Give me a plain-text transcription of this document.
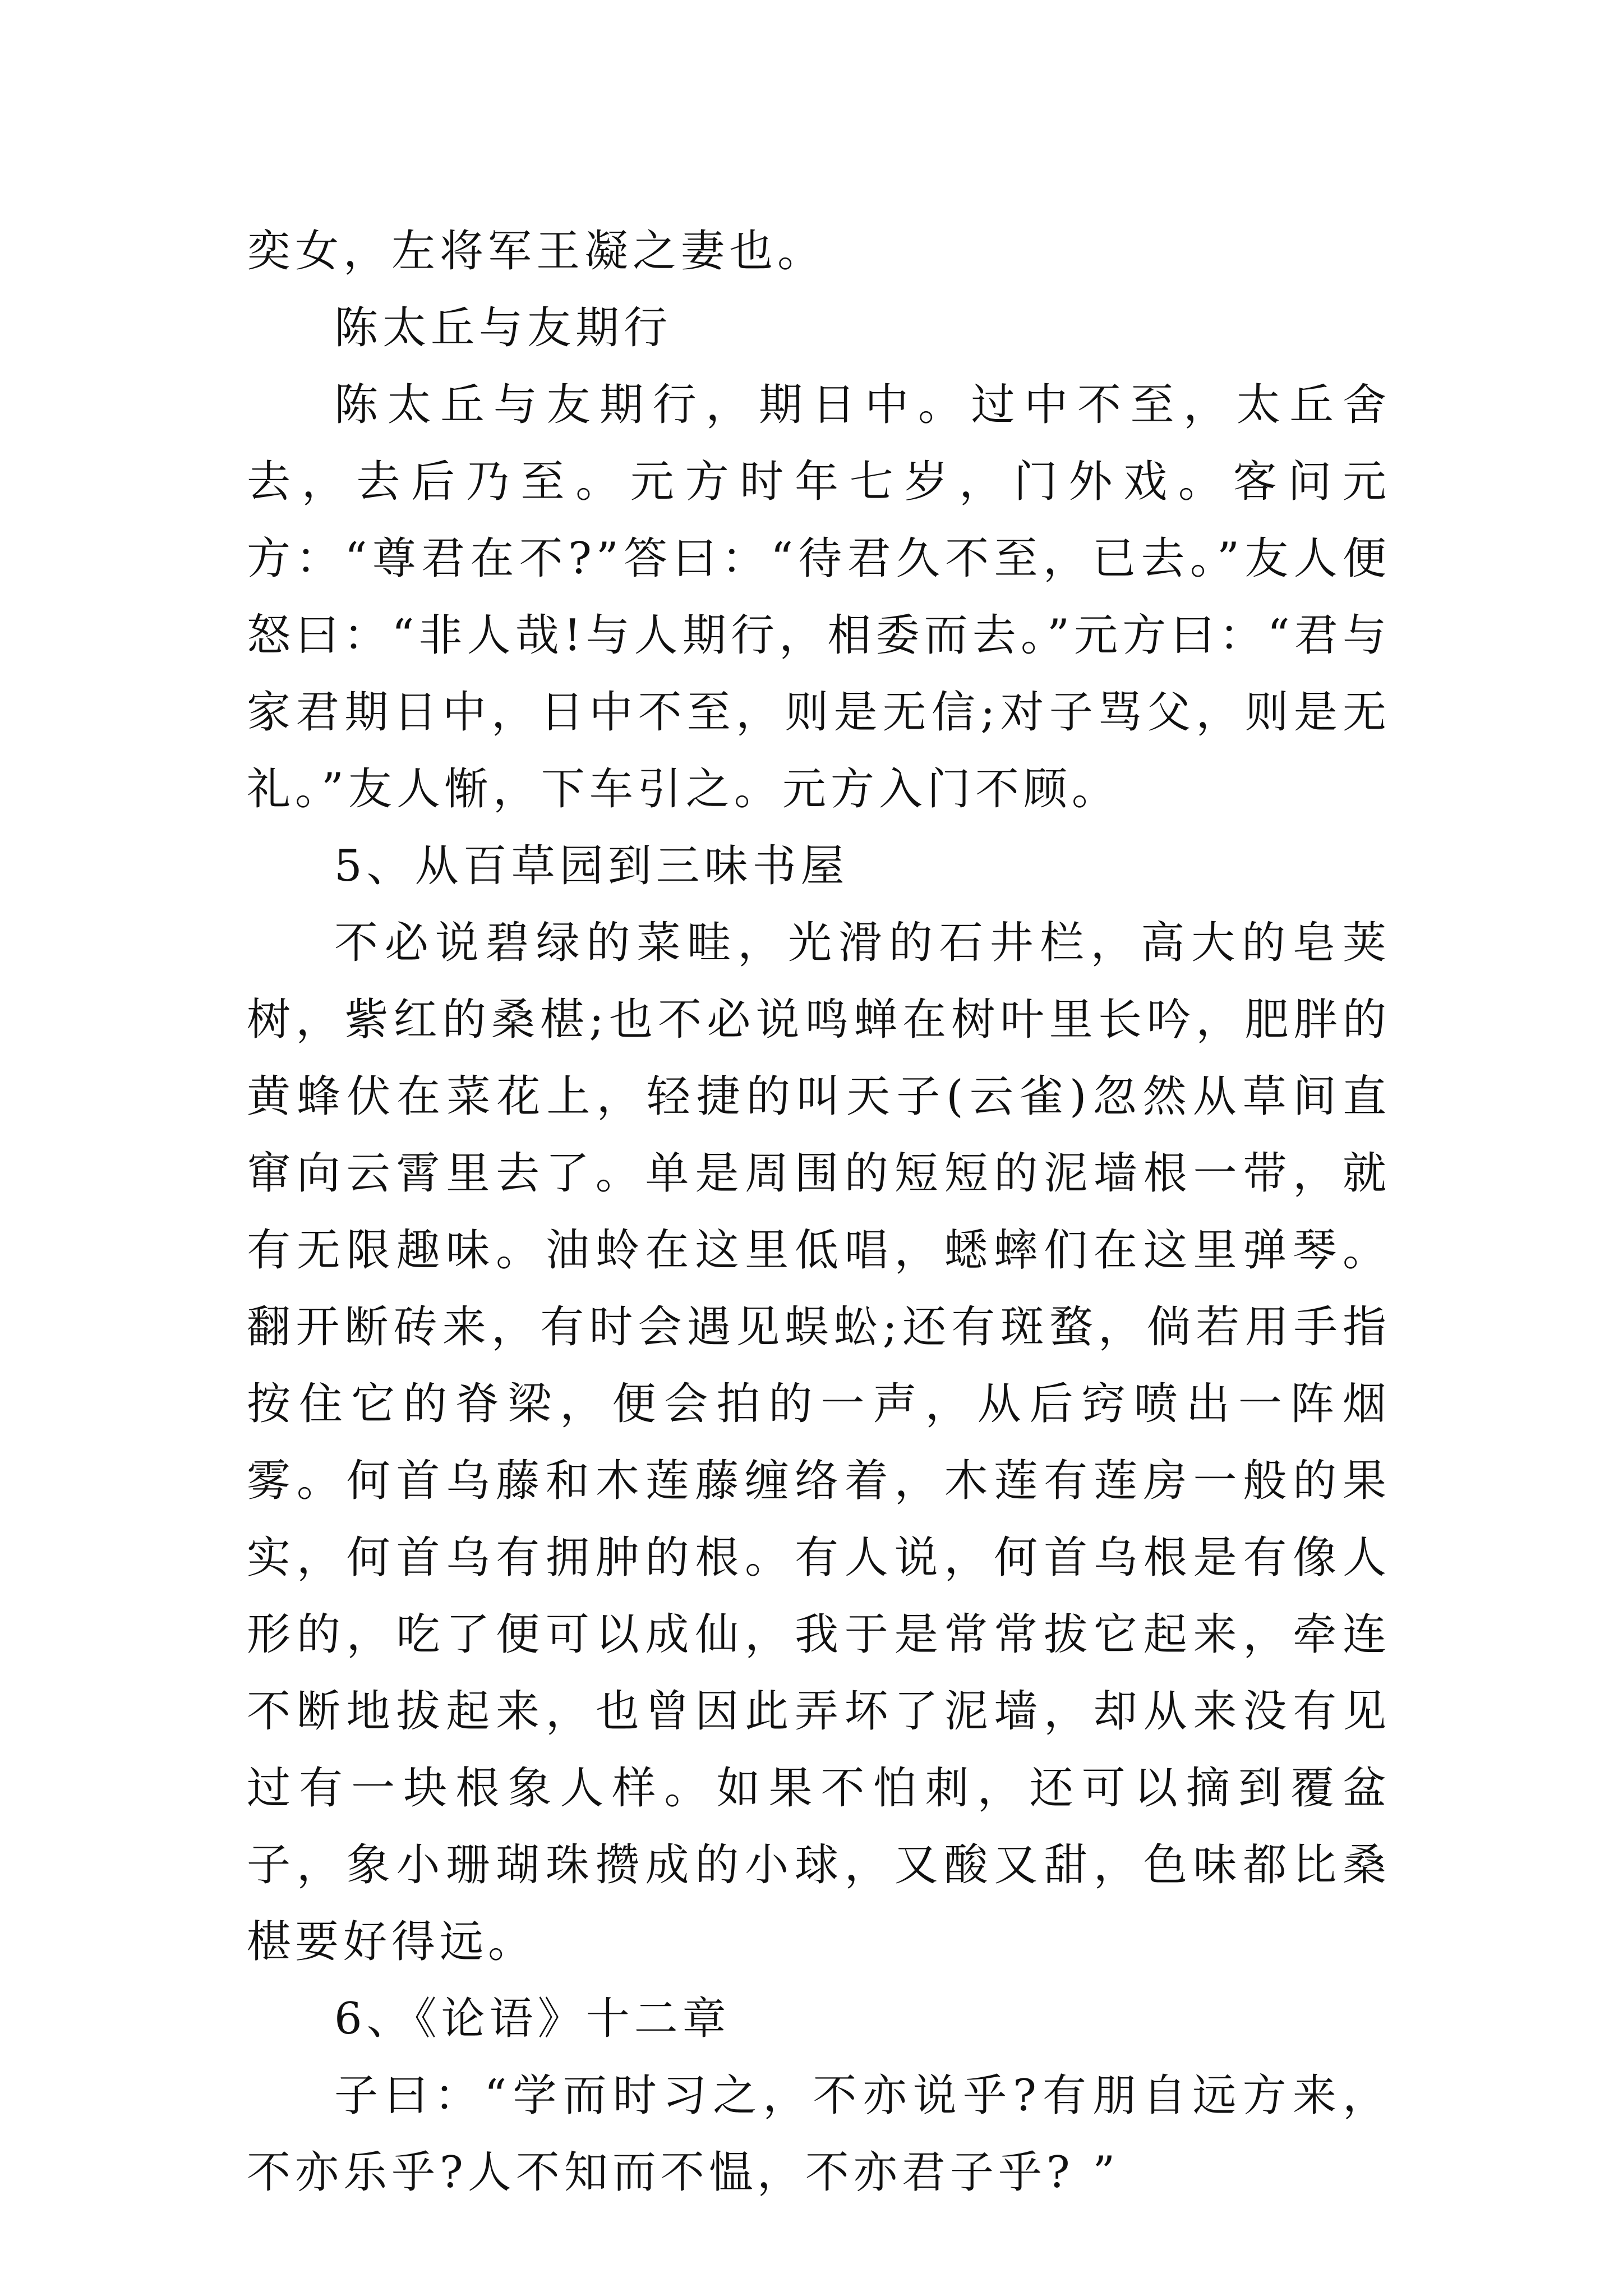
奕女，左将军王凝之妻也。

陈太丘与友期行

陈太丘与友期行，期日中。过中不至，太丘舍去，去后乃至。元方时年七岁，门外戏。客问元方：“尊君在不?”答曰：“待君久不至，已去。”友人便怒曰：“非人哉!与人期行，相委而去。”元方曰：“君与家君期日中，日中不至，则是无信;对子骂父，则是无礼。”友人惭，下车引之。元方入门不顾。

5、从百草园到三味书屋

不必说碧绿的菜畦，光滑的石井栏，高大的皂荚树，紫红的桑椹;也不必说鸣蝉在树叶里长吟，肥胖的黄蜂伏在菜花上，轻捷的叫天子(云雀)忽然从草间直窜向云霄里去了。单是周围的短短的泥墙根一带，就有无限趣味。油蛉在这里低唱，蟋蟀们在这里弹琴。翻开断砖来，有时会遇见蜈蚣;还有斑蝥，倘若用手指按住它的脊梁，便会拍的一声，从后窍喷出一阵烟雾。何首乌藤和木莲藤缠络着，木莲有莲房一般的果实，何首乌有拥肿的根。有人说，何首乌根是有像人形的，吃了便可以成仙，我于是常常拔它起来，牵连不断地拔起来，也曾因此弄坏了泥墙，却从来没有见过有一块根象人样。如果不怕刺，还可以摘到覆盆子，象小珊瑚珠攒成的小球，又酸又甜，色味都比桑椹要好得远。

6、《论语》十二章

子曰：“学而时习之，不亦说乎?有朋自远方来，不亦乐乎?人不知而不愠，不亦君子乎? ”
